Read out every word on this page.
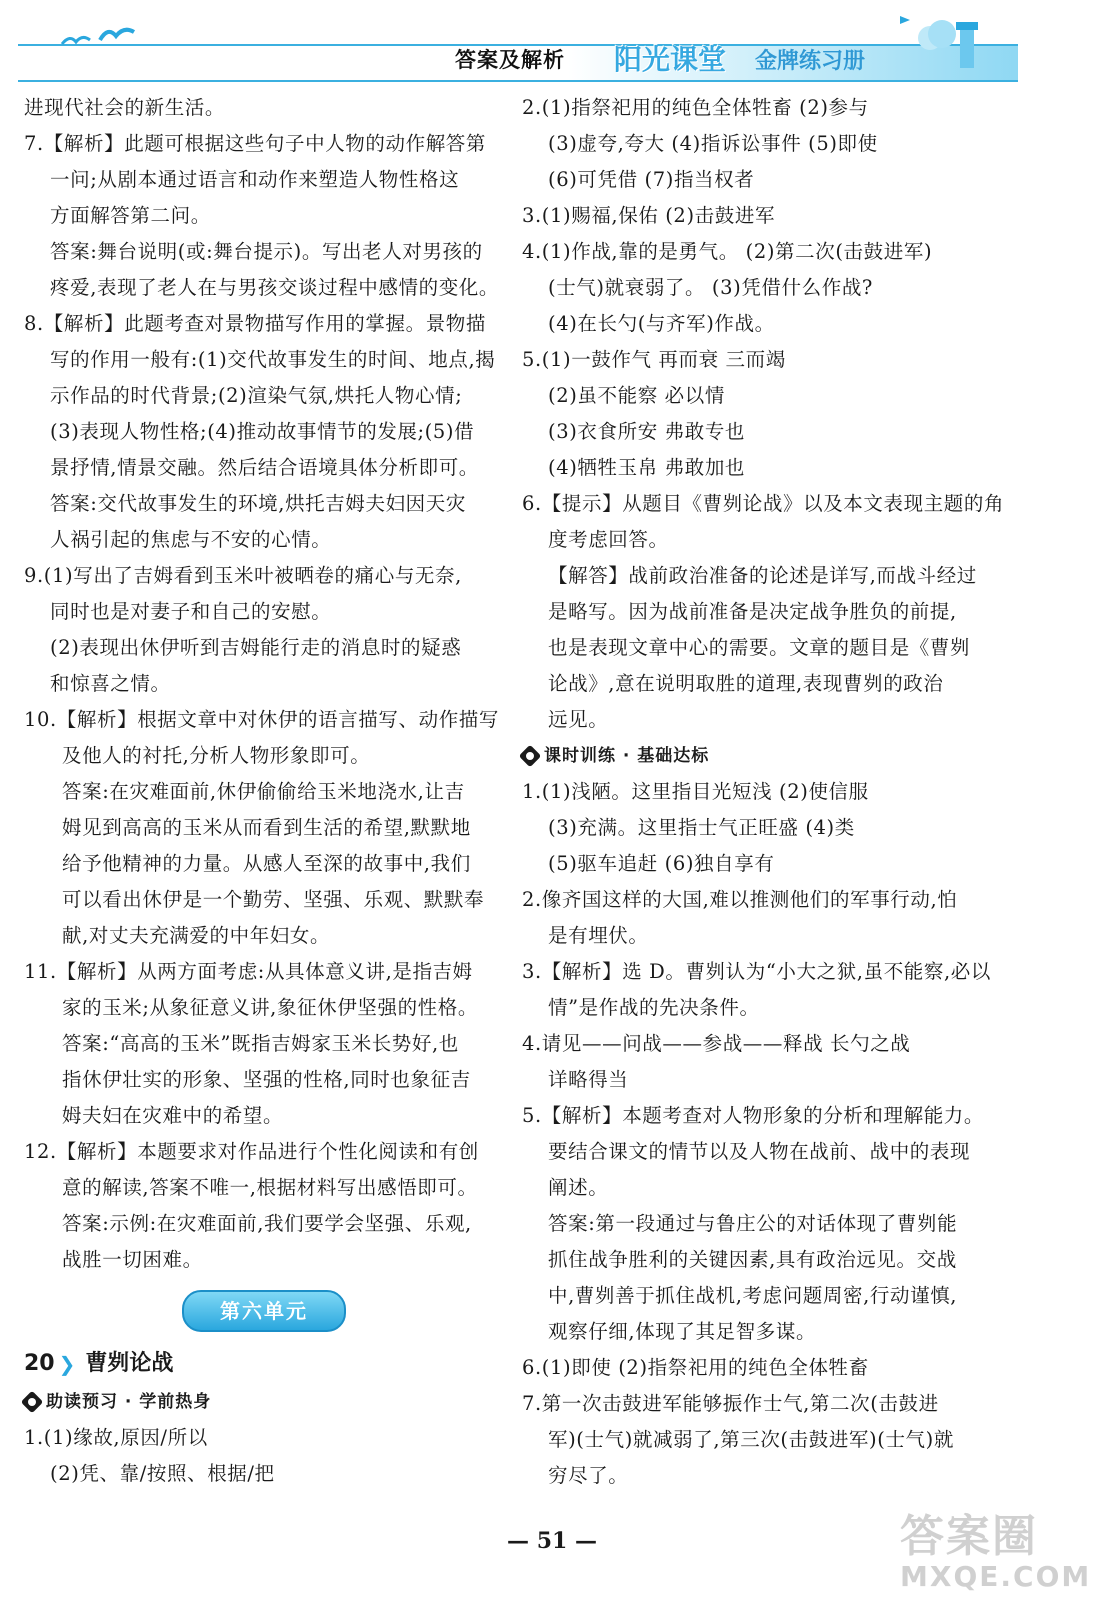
答案及解析 阳光课堂 金牌练习册
进现代社会的新生活。
7.【解析】此题可根据这些句子中人物的动作解答第
一问;从剧本通过语言和动作来塑造人物性格这
方面解答第二问。
答案:舞台说明(或:舞台提示)。写出老人对男孩的
疼爱,表现了老人在与男孩交谈过程中感情的变化。
8.【解析】此题考查对景物描写作用的掌握。景物描
写的作用一般有:(1)交代故事发生的时间、地点,揭
示作品的时代背景;(2)渲染气氛,烘托人物心情;
(3)表现人物性格;(4)推动故事情节的发展;(5)借
景抒情,情景交融。然后结合语境具体分析即可。
答案:交代故事发生的环境,烘托吉姆夫妇因天灾
人祸引起的焦虑与不安的心情。
9.(1)写出了吉姆看到玉米叶被晒卷的痛心与无奈,
同时也是对妻子和自己的安慰。
(2)表现出休伊听到吉姆能行走的消息时的疑惑
和惊喜之情。
10.【解析】根据文章中对休伊的语言描写、动作描写
及他人的衬托,分析人物形象即可。
答案:在灾难面前,休伊偷偷给玉米地浇水,让吉
姆见到高高的玉米从而看到生活的希望,默默地
给予他精神的力量。从感人至深的故事中,我们
可以看出休伊是一个勤劳、坚强、乐观、默默奉
献,对丈夫充满爱的中年妇女。
11.【解析】从两方面考虑:从具体意义讲,是指吉姆
家的玉米;从象征意义讲,象征休伊坚强的性格。
答案:“高高的玉米”既指吉姆家玉米长势好,也
指休伊壮实的形象、坚强的性格,同时也象征吉
姆夫妇在灾难中的希望。
12.【解析】本题要求对作品进行个性化阅读和有创
意的解读,答案不唯一,根据材料写出感悟即可。
答案:示例:在灾难面前,我们要学会坚强、乐观,
战胜一切困难。
第六单元
20 ❯ 曹刿论战
助读预习 · 学前热身
1.(1)缘故,原因/所以
(2)凭、靠/按照、根据/把
2.(1)指祭祀用的纯色全体牲畜 (2)参与
(3)虚夸,夸大 (4)指诉讼事件 (5)即使
(6)可凭借 (7)指当权者
3.(1)赐福,保佑 (2)击鼓进军
4.(1)作战,靠的是勇气。 (2)第二次(击鼓进军)
(士气)就衰弱了。 (3)凭借什么作战?
(4)在长勺(与齐军)作战。
5.(1)一鼓作气 再而衰 三而竭
(2)虽不能察 必以情
(3)衣食所安 弗敢专也
(4)牺牲玉帛 弗敢加也
6.【提示】从题目《曹刿论战》以及本文表现主题的角
度考虑回答。
【解答】战前政治准备的论述是详写,而战斗经过
是略写。因为战前准备是决定战争胜负的前提,
也是表现文章中心的需要。文章的题目是《曹刿
论战》,意在说明取胜的道理,表现曹刿的政治
远见。
课时训练 · 基础达标
1.(1)浅陋。这里指目光短浅 (2)使信服
(3)充满。这里指士气正旺盛 (4)类
(5)驱车追赶 (6)独自享有
2.像齐国这样的大国,难以推测他们的军事行动,怕
是有埋伏。
3.【解析】选 D。曹刿认为“小大之狱,虽不能察,必以
情”是作战的先决条件。
4.请见——问战——参战——释战 长勺之战
详略得当
5.【解析】本题考查对人物形象的分析和理解能力。
要结合课文的情节以及人物在战前、战中的表现
阐述。
答案:第一段通过与鲁庄公的对话体现了曹刿能
抓住战争胜利的关键因素,具有政治远见。交战
中,曹刿善于抓住战机,考虑问题周密,行动谨慎,
观察仔细,体现了其足智多谋。
6.(1)即使 (2)指祭祀用的纯色全体牲畜
7.第一次击鼓进军能够振作士气,第二次(击鼓进
军)(士气)就减弱了,第三次(击鼓进军)(士气)就
穷尽了。
— 51 —	答案圈
MXQE.COM
